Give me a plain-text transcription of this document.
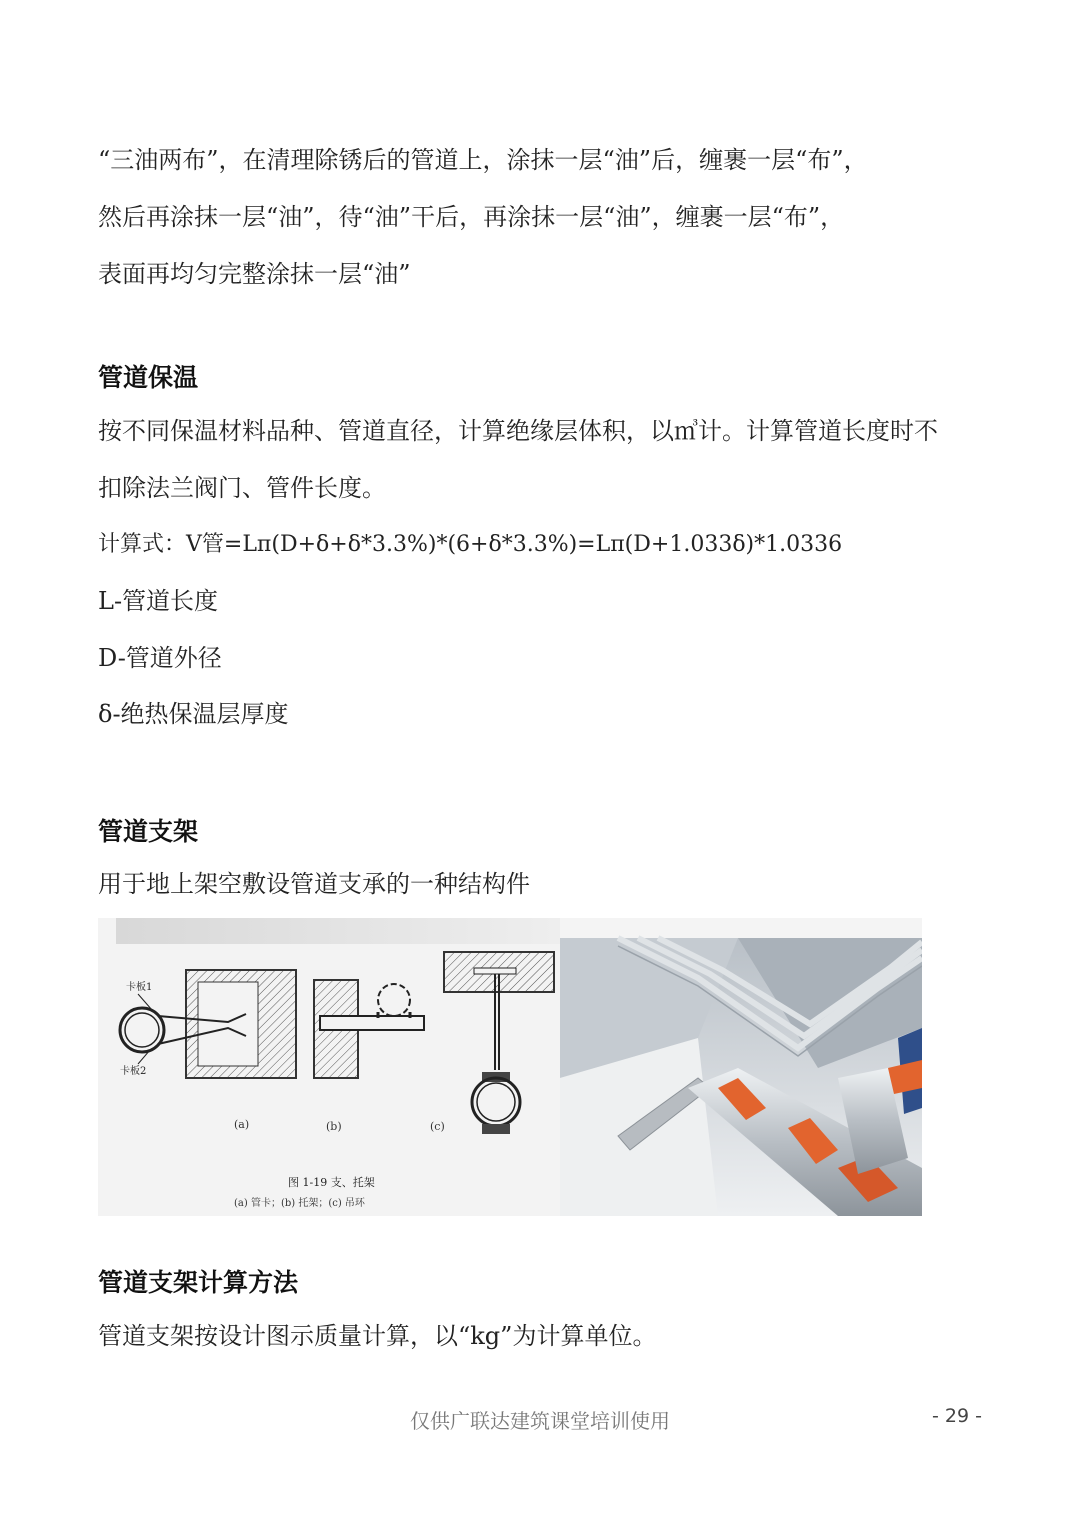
“三油两布”，在清理除锈后的管道上，涂抹一层“油”后，缠裹一层“布”，
然后再涂抹一层“油”，待“油”干后，再涂抹一层“油”，缠裹一层“布”，
表面再均匀完整涂抹一层“油”
管道保温
按不同保温材料品种、管道直径，计算绝缘层体积，以㎥计。计算管道长度时不
扣除法兰阀门、管件长度。
计算式：V管=Lπ(D+δ+δ*3.3%)*(6+δ*3.3%)=Lπ(D+1.033δ)*1.0336
L-管道长度
D-管道外径
δ-绝热保温层厚度
管道支架
用于地上架空敷设管道支承的一种结构件
卡板1
卡板2
(a)	(b)	(c)
图 1-19 支、托架
(a) 管卡；(b) 托架；(c) 吊环
管道支架计算方法
管道支架按设计图示质量计算，以“kg”为计算单位。
仅供广联达建筑课堂培训使用	- 29 -
